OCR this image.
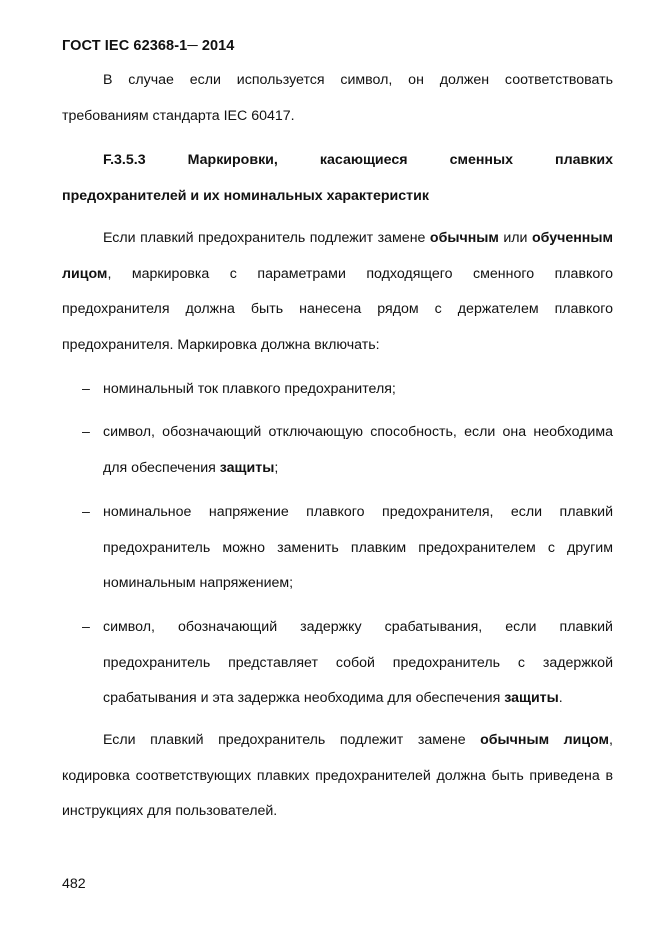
ГОСТ IEC 62368-1─ 2014
В случае если используется символ, он должен соответствовать требованиям стандарта IEC 60417.
F.3.5.3	Маркировки,	касающиеся	сменных	плавких
предохранителей и их номинальных характеристик
Если плавкий предохранитель подлежит замене обычным или обученным лицом, маркировка с параметрами подходящего сменного плавкого предохранителя должна быть нанесена рядом с держателем плавкого предохранителя. Маркировка должна включать:
– номинальный ток плавкого предохранителя;
– символ, обозначающий отключающую способность, если она необходима для обеспечения защиты;
– номинальное напряжение плавкого предохранителя, если плавкий предохранитель можно заменить плавким предохранителем с другим номинальным напряжением;
– символ, обозначающий задержку срабатывания, если плавкий предохранитель представляет собой предохранитель с задержкой срабатывания и эта задержка необходима для обеспечения защиты.
Если плавкий предохранитель подлежит замене обычным лицом, кодировка соответствующих плавких предохранителей должна быть приведена в инструкциях для пользователей.
482
